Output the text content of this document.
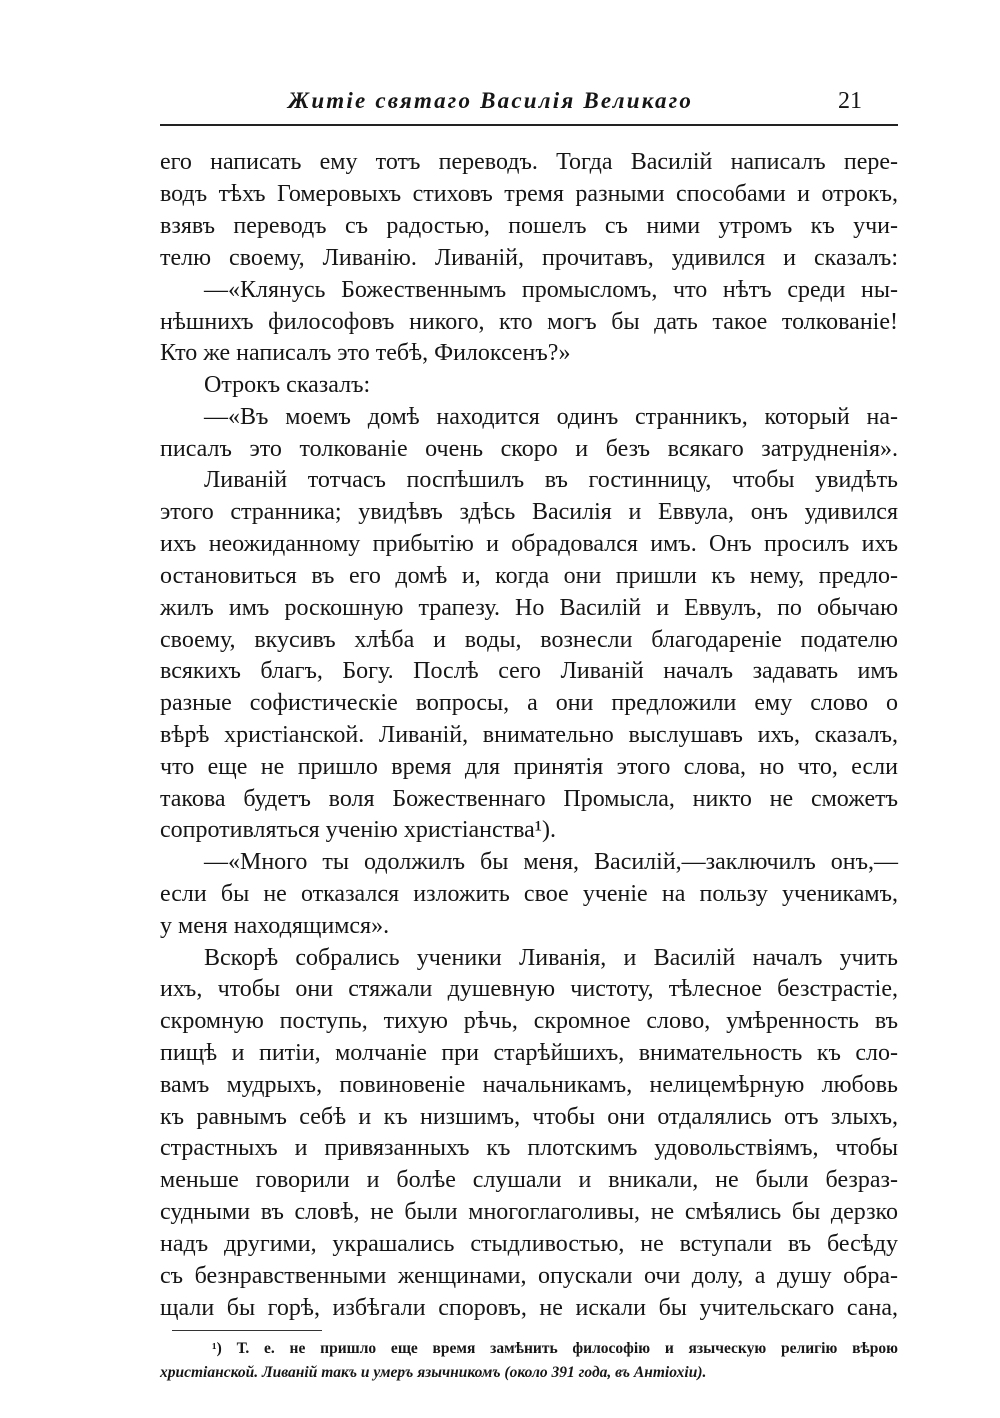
Житіе святаго Василія Великаго	21
его написать ему тотъ переводъ. Тогда Василій написалъ пере-
водъ тѣхъ Гомеровыхъ стиховъ тремя разными способами и отрокъ,
взявъ переводъ съ радостью, пошелъ съ ними утромъ къ учи-
телю своему, Ливанію. Ливаній, прочитавъ, удивился и сказалъ:
—«Клянусь Божественнымъ промысломъ, что нѣтъ среди ны-
нѣшнихъ философовъ никого, кто могъ бы дать такое толкованіе!
Кто же написалъ это тебѣ, Филоксенъ?»
Отрокъ сказалъ:
—«Въ моемъ домѣ находится одинъ странникъ, который на-
писалъ это толкованіе очень скоро и безъ всякаго затрудненія».
Ливаній тотчасъ поспѣшилъ въ гостинницу, чтобы увидѣть
этого странника; увидѣвъ здѣсь Василія и Еввула, онъ удивился
ихъ неожиданному прибытію и обрадовался имъ. Онъ просилъ ихъ
остановиться въ его домѣ и, когда они пришли къ нему, предло-
жилъ имъ роскошную трапезу. Но Василій и Еввулъ, по обычаю
своему, вкусивъ хлѣба и воды, вознесли благодареніе подателю
всякихъ благъ, Богу. Послѣ сего Ливаній началъ задавать имъ
разные софистическіе вопросы, а они предложили ему слово о
вѣрѣ христіанской. Ливаній, внимательно выслушавъ ихъ, сказалъ,
что еще не пришло время для принятія этого слова, но что, если
такова будетъ воля Божественнаго Промысла, никто не сможетъ
сопротивляться ученію христіанства¹).
—«Много ты одолжилъ бы меня, Василій,—заключилъ онъ,—
если бы не отказался изложить свое ученіе на пользу ученикамъ,
у меня находящимся».
Вскорѣ собрались ученики Ливанія, и Василій началъ учить
ихъ, чтобы они стяжали душевную чистоту, тѣлесное безстрастіе,
скромную поступь, тихую рѣчь, скромное слово, умѣренность въ
пищѣ и питіи, молчаніе при старѣйшихъ, внимательность къ сло-
вамъ мудрыхъ, повиновеніе начальникамъ, нелицемѣрную любовь
къ равнымъ себѣ и къ низшимъ, чтобы они отдалялись отъ злыхъ,
страстныхъ и привязанныхъ къ плотскимъ удовольствіямъ, чтобы
меньше говорили и болѣе слушали и вникали, не были безраз-
судными въ словѣ, не были многоглаголивы, не смѣялись бы дерзко
надъ другими, украшались стыдливостью, не вступали въ бесѣду
съ безнравственными женщинами, опускали очи долу, а душу обра-
щали бы горѣ, избѣгали споровъ, не искали бы учительскаго сана,
¹) Т. е. не пришло еще время замѣнить философію и языческую религію вѣрою
христіанской. Ливаній такъ и умеръ язычникомъ (около 391 года, въ Антіохіи).
